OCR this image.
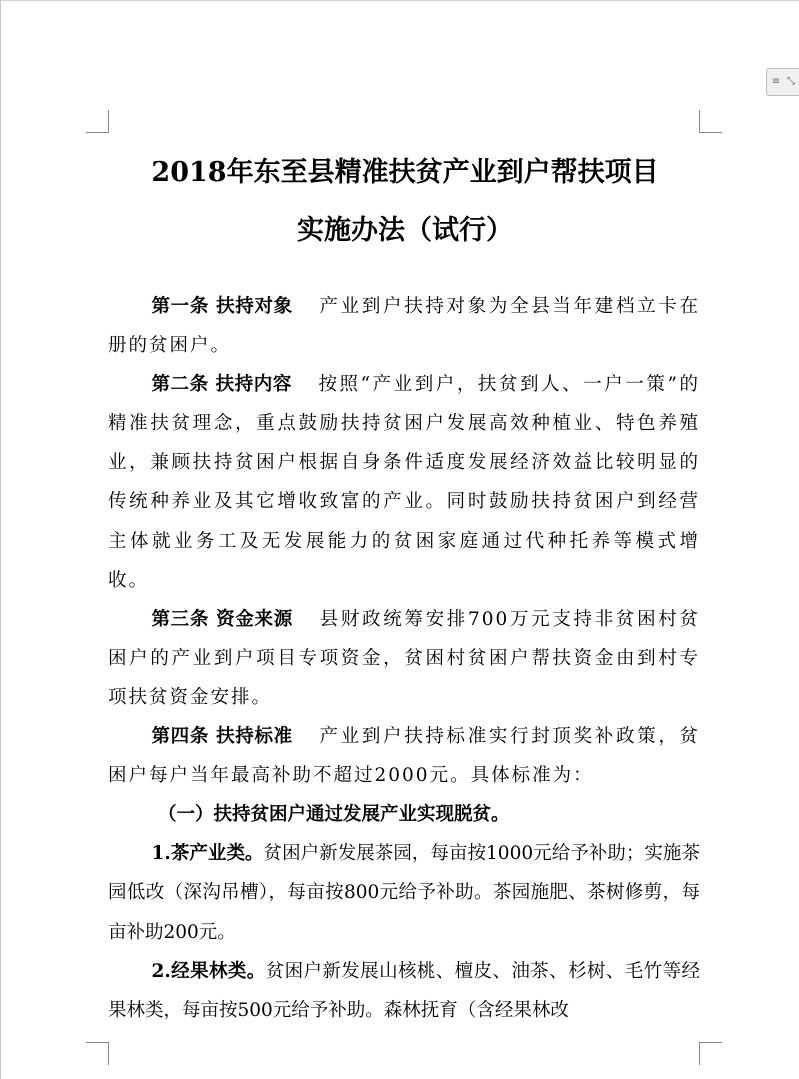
≡ ⤡
2018年东至县精准扶贫产业到户帮扶项目
实施办法（试行）

第一条 扶持对象 产业到户扶持对象为全县当年建档立卡在册的贫困户。

第二条 扶持内容 按照“产业到户，扶贫到人、一户一策”的精准扶贫理念，重点鼓励扶持贫困户发展高效种植业、特色养殖业，兼顾扶持贫困户根据自身条件适度发展经济效益比较明显的传统种养业及其它增收致富的产业。同时鼓励扶持贫困户到经营主体就业务工及无发展能力的贫困家庭通过代种托养等模式增收。

第三条 资金来源 县财政统筹安排700万元支持非贫困村贫困户的产业到户项目专项资金，贫困村贫困户帮扶资金由到村专项扶贫资金安排。

第四条 扶持标准 产业到户扶持标准实行封顶奖补政策，贫困户每户当年最高补助不超过2000元。具体标准为：

（一）扶持贫困户通过发展产业实现脱贫。

1.茶产业类。贫困户新发展茶园，每亩按1000元给予补助；实施茶园低改（深沟吊槽），每亩按800元给予补助。茶园施肥、茶树修剪，每亩补助200元。

2.经果林类。贫困户新发展山核桃、檀皮、油茶、杉树、毛竹等经果林类，每亩按500元给予补助。森林抚育（含经果林改
